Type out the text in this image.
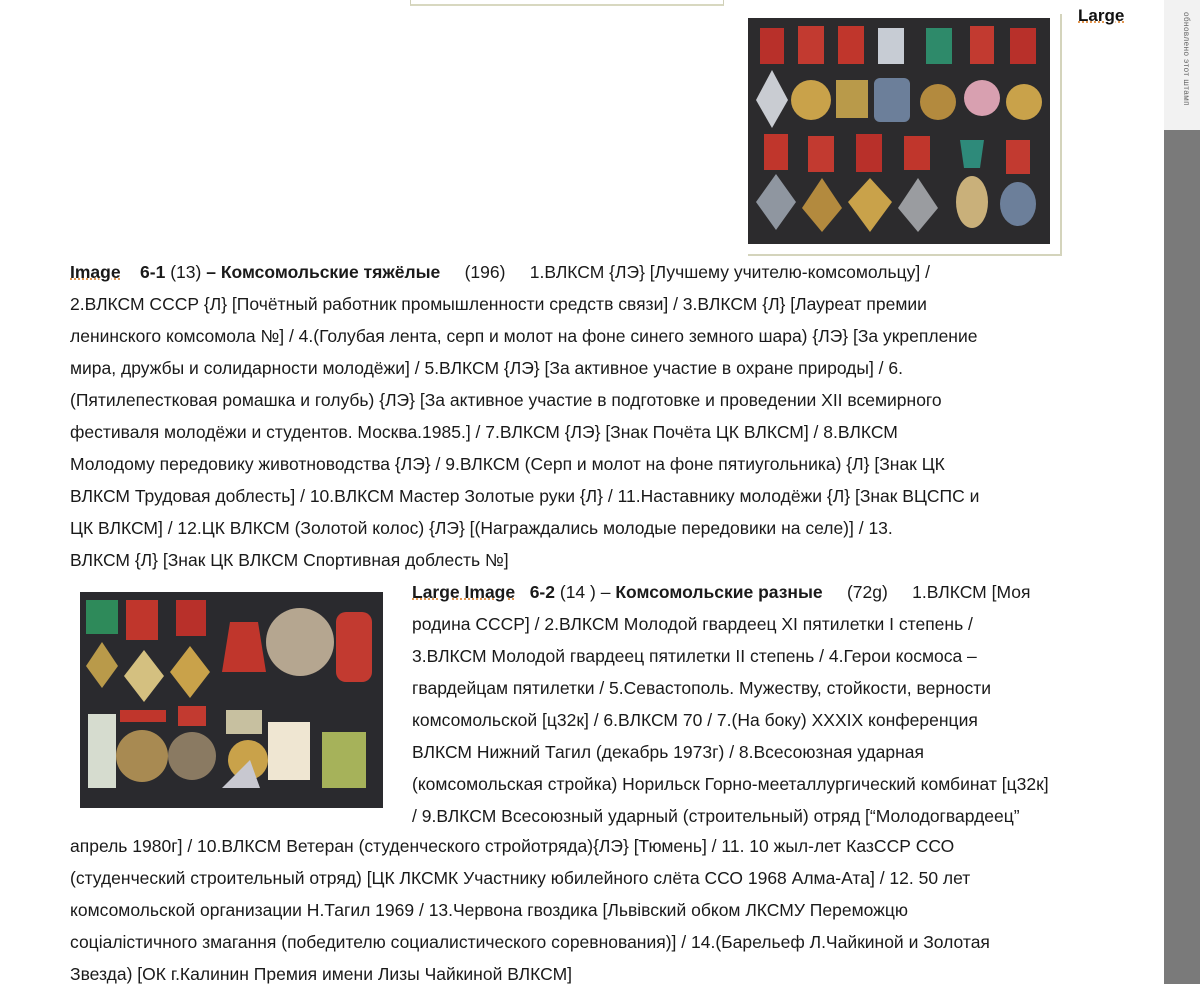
Large	обновлено этот штамп
Image 6-1 (13) – Комсомольские тяжёлые (196) 1.ВЛКСМ {ЛЭ} [Лучшему учителю-комсомольцу] /
2.ВЛКСМ СССР {Л} [Почётный работник промышленности средств связи] / 3.ВЛКСМ {Л} [Лауреат премии
ленинского комсомола №] / 4.(Голубая лента, серп и молот на фоне синего земного шара) {ЛЭ} [За укрепление
мира, дружбы и солидарности молодёжи] / 5.ВЛКСМ {ЛЭ} [За активное участие в охране природы] / 6.
(Пятилепестковая ромашка и голубь) {ЛЭ} [За активное участие в подготовке и проведении XII всемирного
фестиваля молодёжи и студентов. Москва.1985.] / 7.ВЛКСМ {ЛЭ} [Знак Почёта ЦК ВЛКСМ] / 8.ВЛКСМ
Молодому передовику животноводства {ЛЭ} / 9.ВЛКСМ (Серп и молот на фоне пятиугольника) {Л} [Знак ЦК
ВЛКСМ Трудовая доблесть] / 10.ВЛКСМ Мастер Золотые руки {Л} / 11.Наставнику молодёжи {Л} [Знак ВЦСПС и
ЦК ВЛКСМ] / 12.ЦК ВЛКСМ (Золотой колос) {ЛЭ} [(Награждались молодые передовики на селе)] / 13.
ВЛКСМ {Л} [Знак ЦК ВЛКСМ Спортивная доблесть №]
Large Image 6-2 (14 ) – Комсомольские разные (72g) 1.ВЛКСМ [Моя
родина СССР] / 2.ВЛКСМ Молодой гвардеец XI пятилетки I степень /
3.ВЛКСМ Молодой гвардеец пятилетки II степень / 4.Герои космоса –
гвардейцам пятилетки / 5.Севастополь. Мужеству, стойкости, верности
комсомольской [ц32к] / 6.ВЛКСМ 70 / 7.(На боку) XXXIX конференция
ВЛКСМ Нижний Тагил (декабрь 1973г) / 8.Всесоюзная ударная
(комсомольская стройка) Норильск Горно-мееталлургический комбинат [ц32к]
/ 9.ВЛКСМ Всесоюзный ударный (строительный) отряд [“Молодогвардеец”
апрель 1980г] / 10.ВЛКСМ Ветеран (студенческого стройотряда){ЛЭ} [Тюмень] / 11. 10 жыл-лет КазССР ССО
(студенческий строительный отряд) [ЦК ЛКСМК Участнику юбилейного слёта ССО 1968 Алма-Ата] / 12. 50 лет
комсомольской организации Н.Тагил 1969 / 13.Червона гвоздика [Львівский обком ЛКСМУ Переможцю
соціалістичного змагання (победителю социалистического соревнования)] / 14.(Барельеф Л.Чайкиной и Золотая
Звезда) [ОК г.Калинин Премия имени Лизы Чайкиной ВЛКСМ]
